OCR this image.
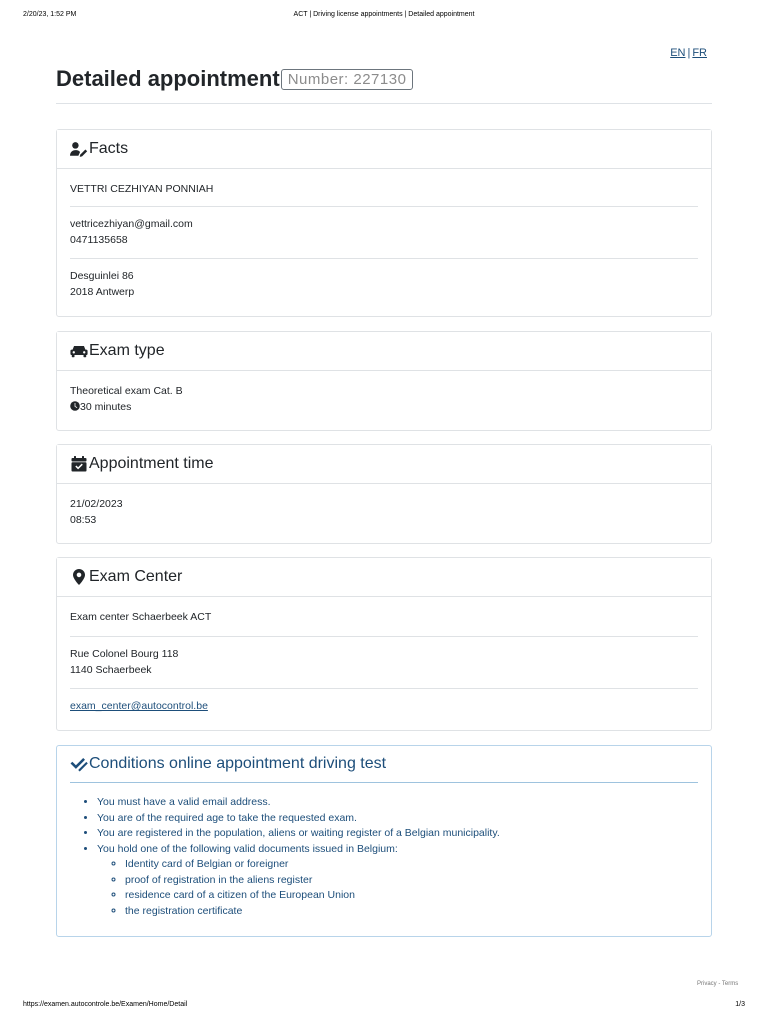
2/20/23, 1:52 PM	ACT | Driving license appointments | Detailed appointment
EN | FR
Detailed appointment Number: 227130
Facts
VETTRI CEZHIYAN PONNIAH
vettricezhiyan@gmail.com
0471135658
Desguinlei 86
2018 Antwerp
Exam type
Theoretical exam Cat. B
30 minutes
Appointment time
21/02/2023
08:53
Exam Center
Exam center Schaerbeek ACT
Rue Colonel Bourg 118
1140 Schaerbeek
exam_center@autocontrol.be
Conditions online appointment driving test
• You must have a valid email address.
• You are of the required age to take the requested exam.
• You are registered in the population, aliens or waiting register of a Belgian municipality.
• You hold one of the following valid documents issued in Belgium:
◦ Identity card of Belgian or foreigner
◦ proof of registration in the aliens register
◦ residence card of a citizen of the European Union
◦ the registration certificate
Privacy - Terms
https://examen.autocontrole.be/Examen/Home/Detail	1/3
